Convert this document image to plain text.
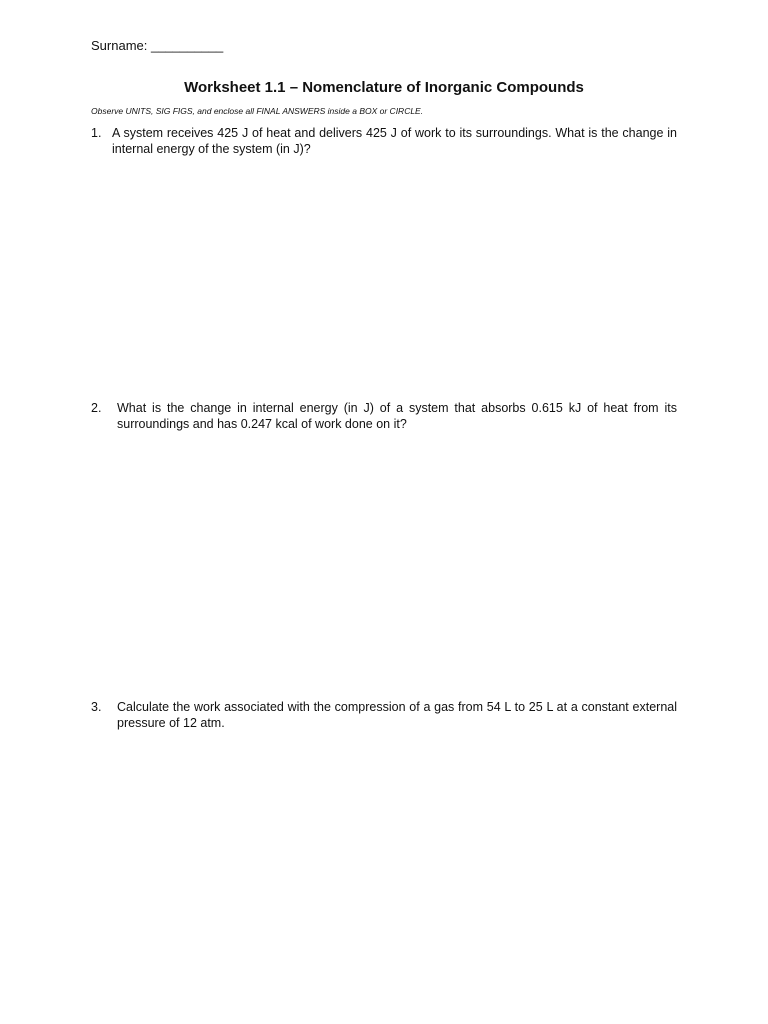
Surname: __________
Worksheet 1.1 – Nomenclature of Inorganic Compounds
Observe UNITS, SIG FIGS, and enclose all FINAL ANSWERS inside a BOX or CIRCLE.
1. A system receives 425 J of heat and delivers 425 J of work to its surroundings. What is the change in internal energy of the system (in J)?
2. What is the change in internal energy (in J) of a system that absorbs 0.615 kJ of heat from its surroundings and has 0.247 kcal of work done on it?
3. Calculate the work associated with the compression of a gas from 54 L to 25 L at a constant external pressure of 12 atm.
